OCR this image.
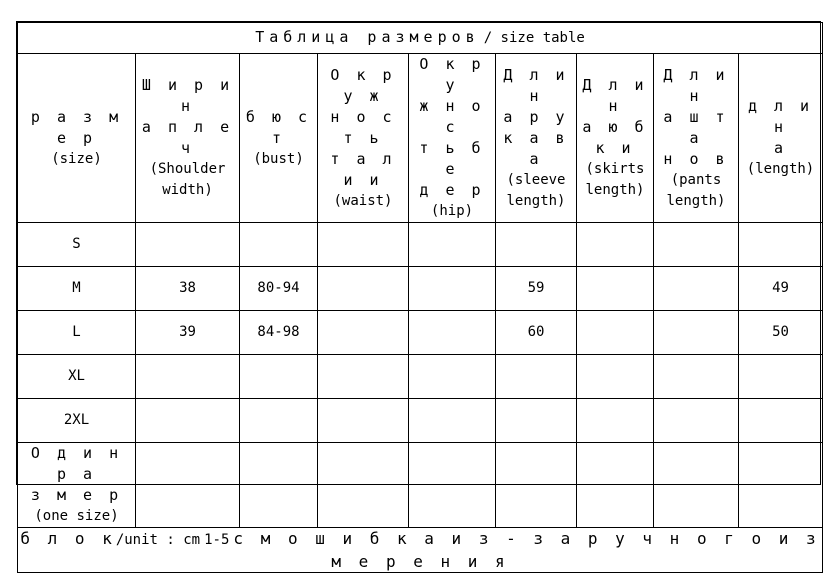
Таблица размеров / size table								

р а з м е р
(size)	Ш и р и н
а п л е ч
(Shoulder
width)	б ю с т
(bust)	О к р у ж
н о с т ь
т а л и и
(waist)	О к р у
ж н о с
т ь б е
д е р
(hip)	Д л и н
а р у
к а в а
(sleeve
length)	Д л и н
а ю б
к и
(skirts
length)	Д л и н
а ш т а
н о в
(pants
length)	д л и н
а
(length)

S								
M	38	80-94			59			49
L	39	84-98			60			50
XL								
2XL								

О д и н р а
з м е р
(one size)								

б л о к/unit : cm 1-5 с м о ш и б к а и з - з а р у ч н о г о и з м е р е н и я								
